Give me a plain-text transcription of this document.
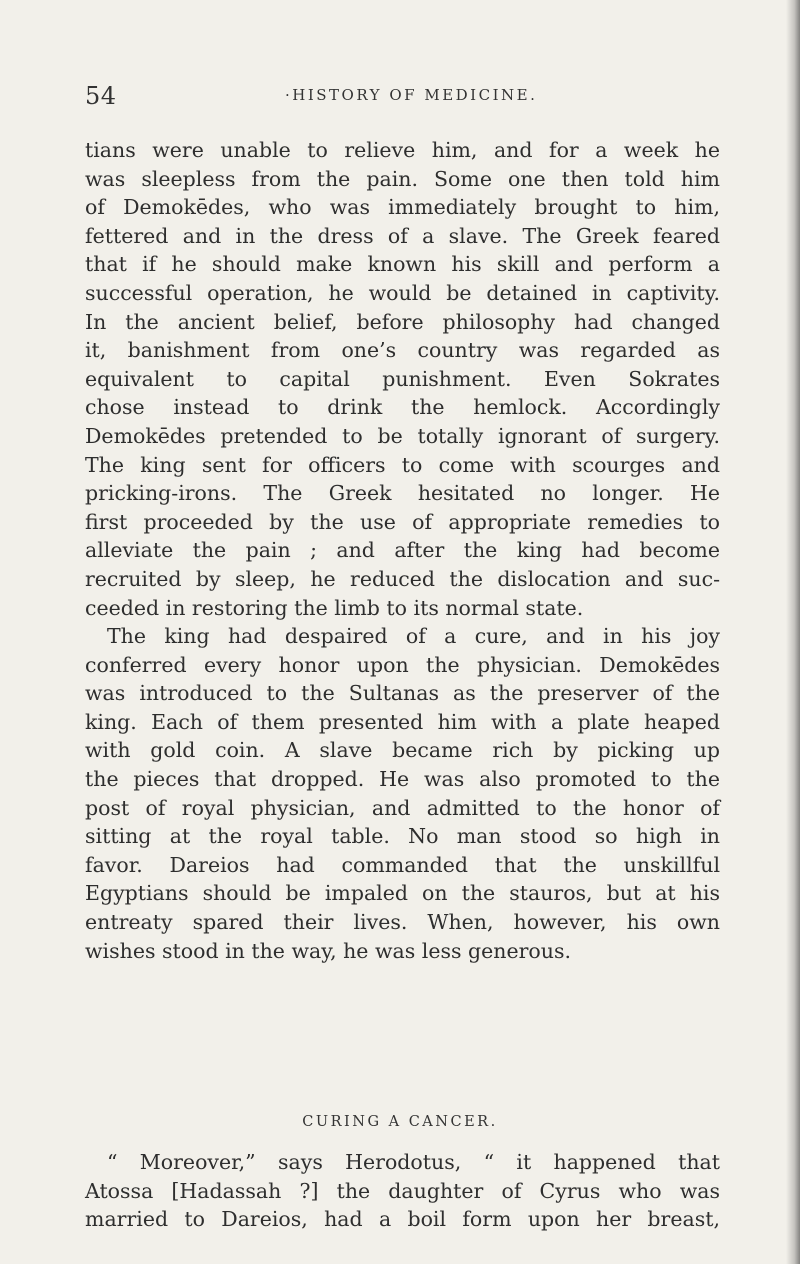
54	·HISTORY OF MEDICINE.
tians were unable to relieve him, and for a week he
was sleepless from the pain. Some one then told him
of Demokēdes, who was immediately brought to him,
fettered and in the dress of a slave. The Greek feared
that if he should make known his skill and perform a
successful operation, he would be detained in captivity.
In the ancient belief, before philosophy had changed
it, banishment from one’s country was regarded as
equivalent to capital punishment. Even Sokrates
chose instead to drink the hemlock. Accordingly
Demokēdes pretended to be totally ignorant of surgery.
The king sent for officers to come with scourges and
pricking-irons. The Greek hesitated no longer. He
first proceeded by the use of appropriate remedies to
alleviate the pain ; and after the king had become
recruited by sleep, he reduced the dislocation and suc-
ceeded in restoring the limb to its normal state.
The king had despaired of a cure, and in his joy
conferred every honor upon the physician. Demokēdes
was introduced to the Sultanas as the preserver of the
king. Each of them presented him with a plate heaped
with gold coin. A slave became rich by picking up
the pieces that dropped. He was also promoted to the
post of royal physician, and admitted to the honor of
sitting at the royal table. No man stood so high in
favor. Dareios had commanded that the unskillful
Egyptians should be impaled on the stauros, but at his
entreaty spared their lives. When, however, his own
wishes stood in the way, he was less generous.
CURING A CANCER.
“ Moreover,” says Herodotus, “ it happened that
Atossa [Hadassah ?] the daughter of Cyrus who was
married to Dareios, had a boil form upon her breast,
